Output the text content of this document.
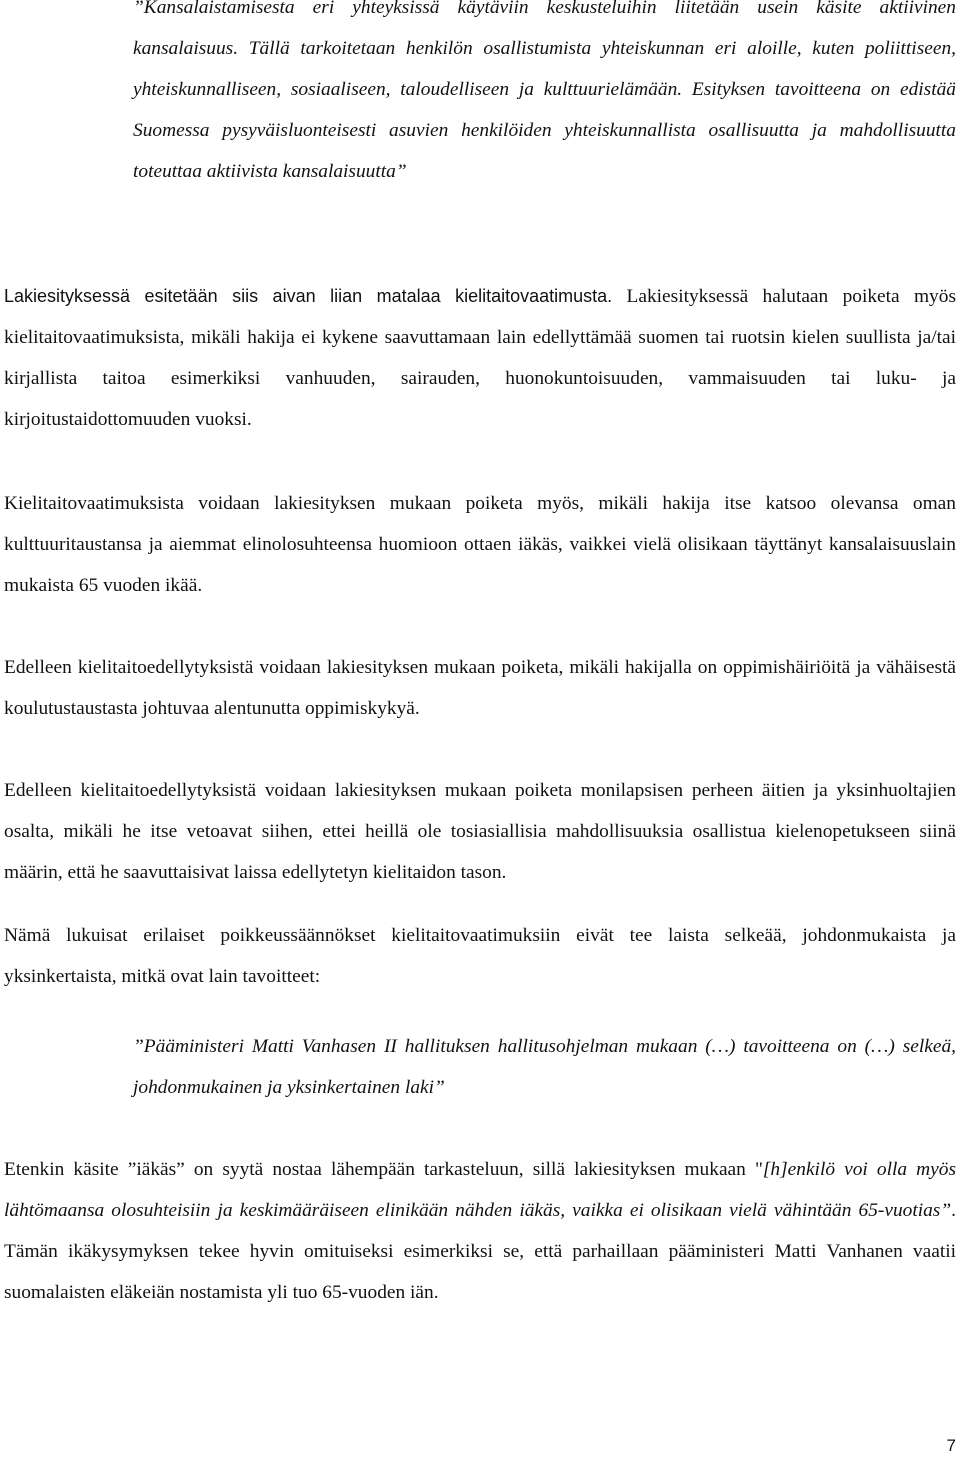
”Kansalaistamisesta eri yhteyksissä käytäviin keskusteluihin liitetään usein käsite aktiivinen kansalaisuus. Tällä tarkoitetaan henkilön osallistumista yhteiskunnan eri aloille, kuten poliittiseen, yhteiskunnalliseen, sosiaaliseen, taloudelliseen ja kulttuurielämään. Esityksen tavoitteena on edistää Suomessa pysyväisluonteisesti asuvien henkilöiden yhteiskunnallista osallisuutta ja mahdollisuutta toteuttaa aktiivista kansalaisuutta”

Lakiesityksessä esitetään siis aivan liian matalaa kielitaitovaatimusta. Lakiesityksessä halutaan poiketa myös kielitaitovaatimuksista, mikäli hakija ei kykene saavuttamaan lain edellyttämää suomen tai ruotsin kielen suullista ja/tai kirjallista taitoa esimerkiksi vanhuuden, sairauden, huonokuntoisuuden, vammaisuuden tai luku- ja kirjoitustaidottomuuden vuoksi.

Kielitaitovaatimuksista voidaan lakiesityksen mukaan poiketa myös, mikäli hakija itse katsoo olevansa oman kulttuuritaustansa ja aiemmat elinolosuhteensa huomioon ottaen iäkäs, vaikkei vielä olisikaan täyttänyt kansalaisuuslain mukaista 65 vuoden ikää.

Edelleen kielitaitoedellytyksistä voidaan lakiesityksen mukaan poiketa, mikäli hakijalla on oppimishäiriöitä ja vähäisestä koulutustaustasta johtuvaa alentunutta oppimiskykyä.

Edelleen kielitaitoedellytyksistä voidaan lakiesityksen mukaan poiketa monilapsisen perheen äitien ja yksinhuoltajien osalta, mikäli he itse vetoavat siihen, ettei heillä ole tosiasiallisia mahdollisuuksia osallistua kielenopetukseen siinä määrin, että he saavuttaisivat laissa edellytetyn kielitaidon tason.

Nämä lukuisat erilaiset poikkeussäännökset kielitaitovaatimuksiin eivät tee laista selkeää, johdonmukaista ja yksinkertaista, mitkä ovat lain tavoitteet:

”Pääministeri Matti Vanhasen II hallituksen hallitusohjelman mukaan (…) tavoitteena on (…) selkeä, johdonmukainen ja yksinkertainen laki”

Etenkin käsite ”iäkäs” on syytä nostaa lähempään tarkasteluun, sillä lakiesityksen mukaan "[h]enkilö voi olla myös lähtömaansa olosuhteisiin ja keskimääräiseen elinikään nähden iäkäs, vaikka ei olisikaan vielä vähintään 65-vuotias”. Tämän ikäkysymyksen tekee hyvin omituiseksi esimerkiksi se, että parhaillaan pääministeri Matti Vanhanen vaatii suomalaisten eläkeiän nostamista yli tuo 65-vuoden iän.

7
